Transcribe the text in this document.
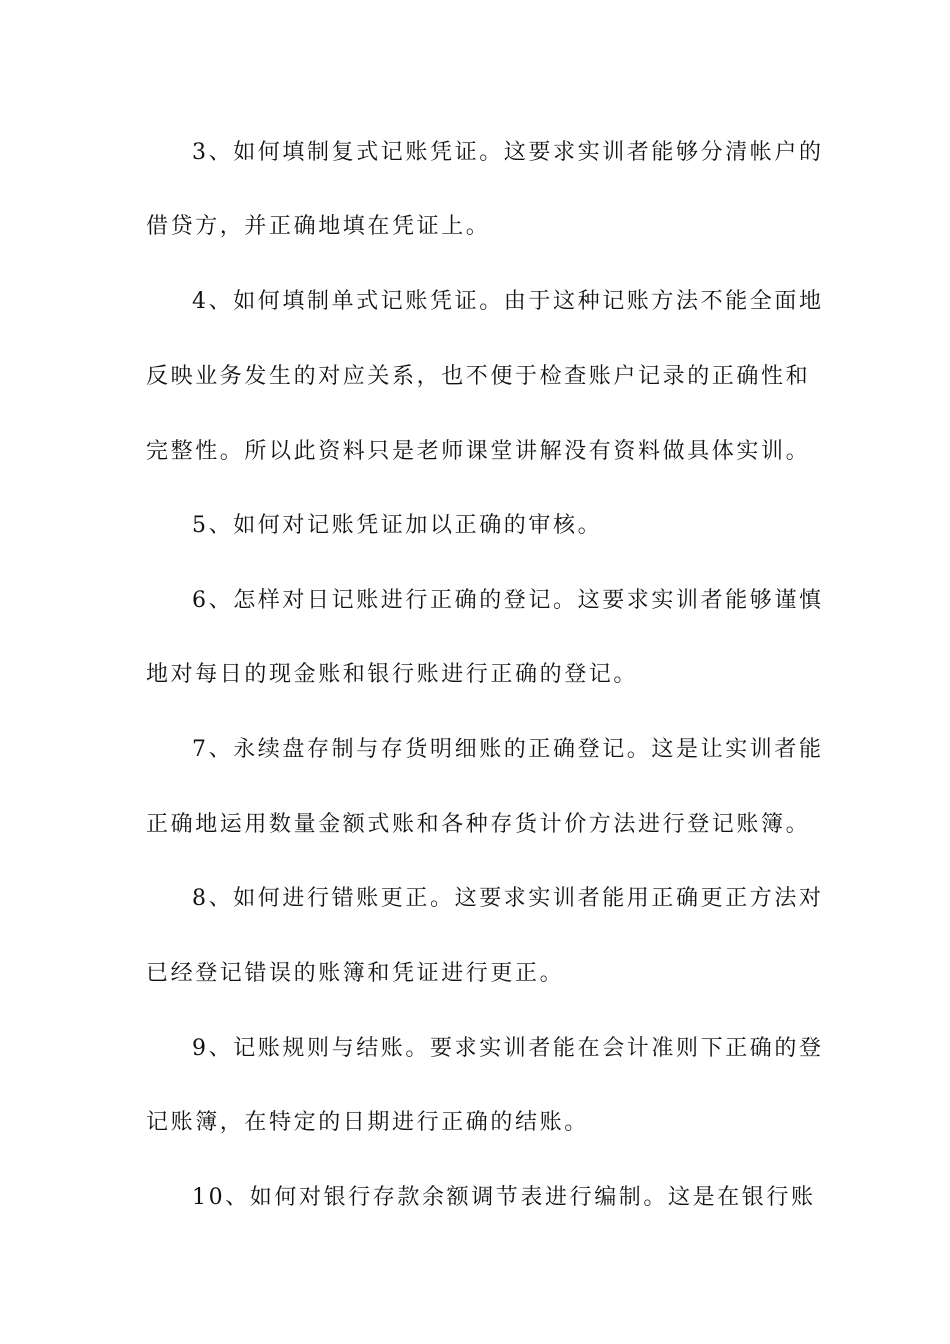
3、如何填制复式记账凭证。这要求实训者能够分清帐户的
借贷方，并正确地填在凭证上。
4、如何填制单式记账凭证。由于这种记账方法不能全面地
反映业务发生的对应关系，也不便于检查账户记录的正确性和
完整性。所以此资料只是老师课堂讲解没有资料做具体实训。
5、如何对记账凭证加以正确的审核。
6、怎样对日记账进行正确的登记。这要求实训者能够谨慎
地对每日的现金账和银行账进行正确的登记。
7、永续盘存制与存货明细账的正确登记。这是让实训者能
正确地运用数量金额式账和各种存货计价方法进行登记账簿。
8、如何进行错账更正。这要求实训者能用正确更正方法对
已经登记错误的账簿和凭证进行更正。
9、记账规则与结账。要求实训者能在会计准则下正确的登
记账簿，在特定的日期进行正确的结账。
10、如何对银行存款余额调节表进行编制。这是在银行账
